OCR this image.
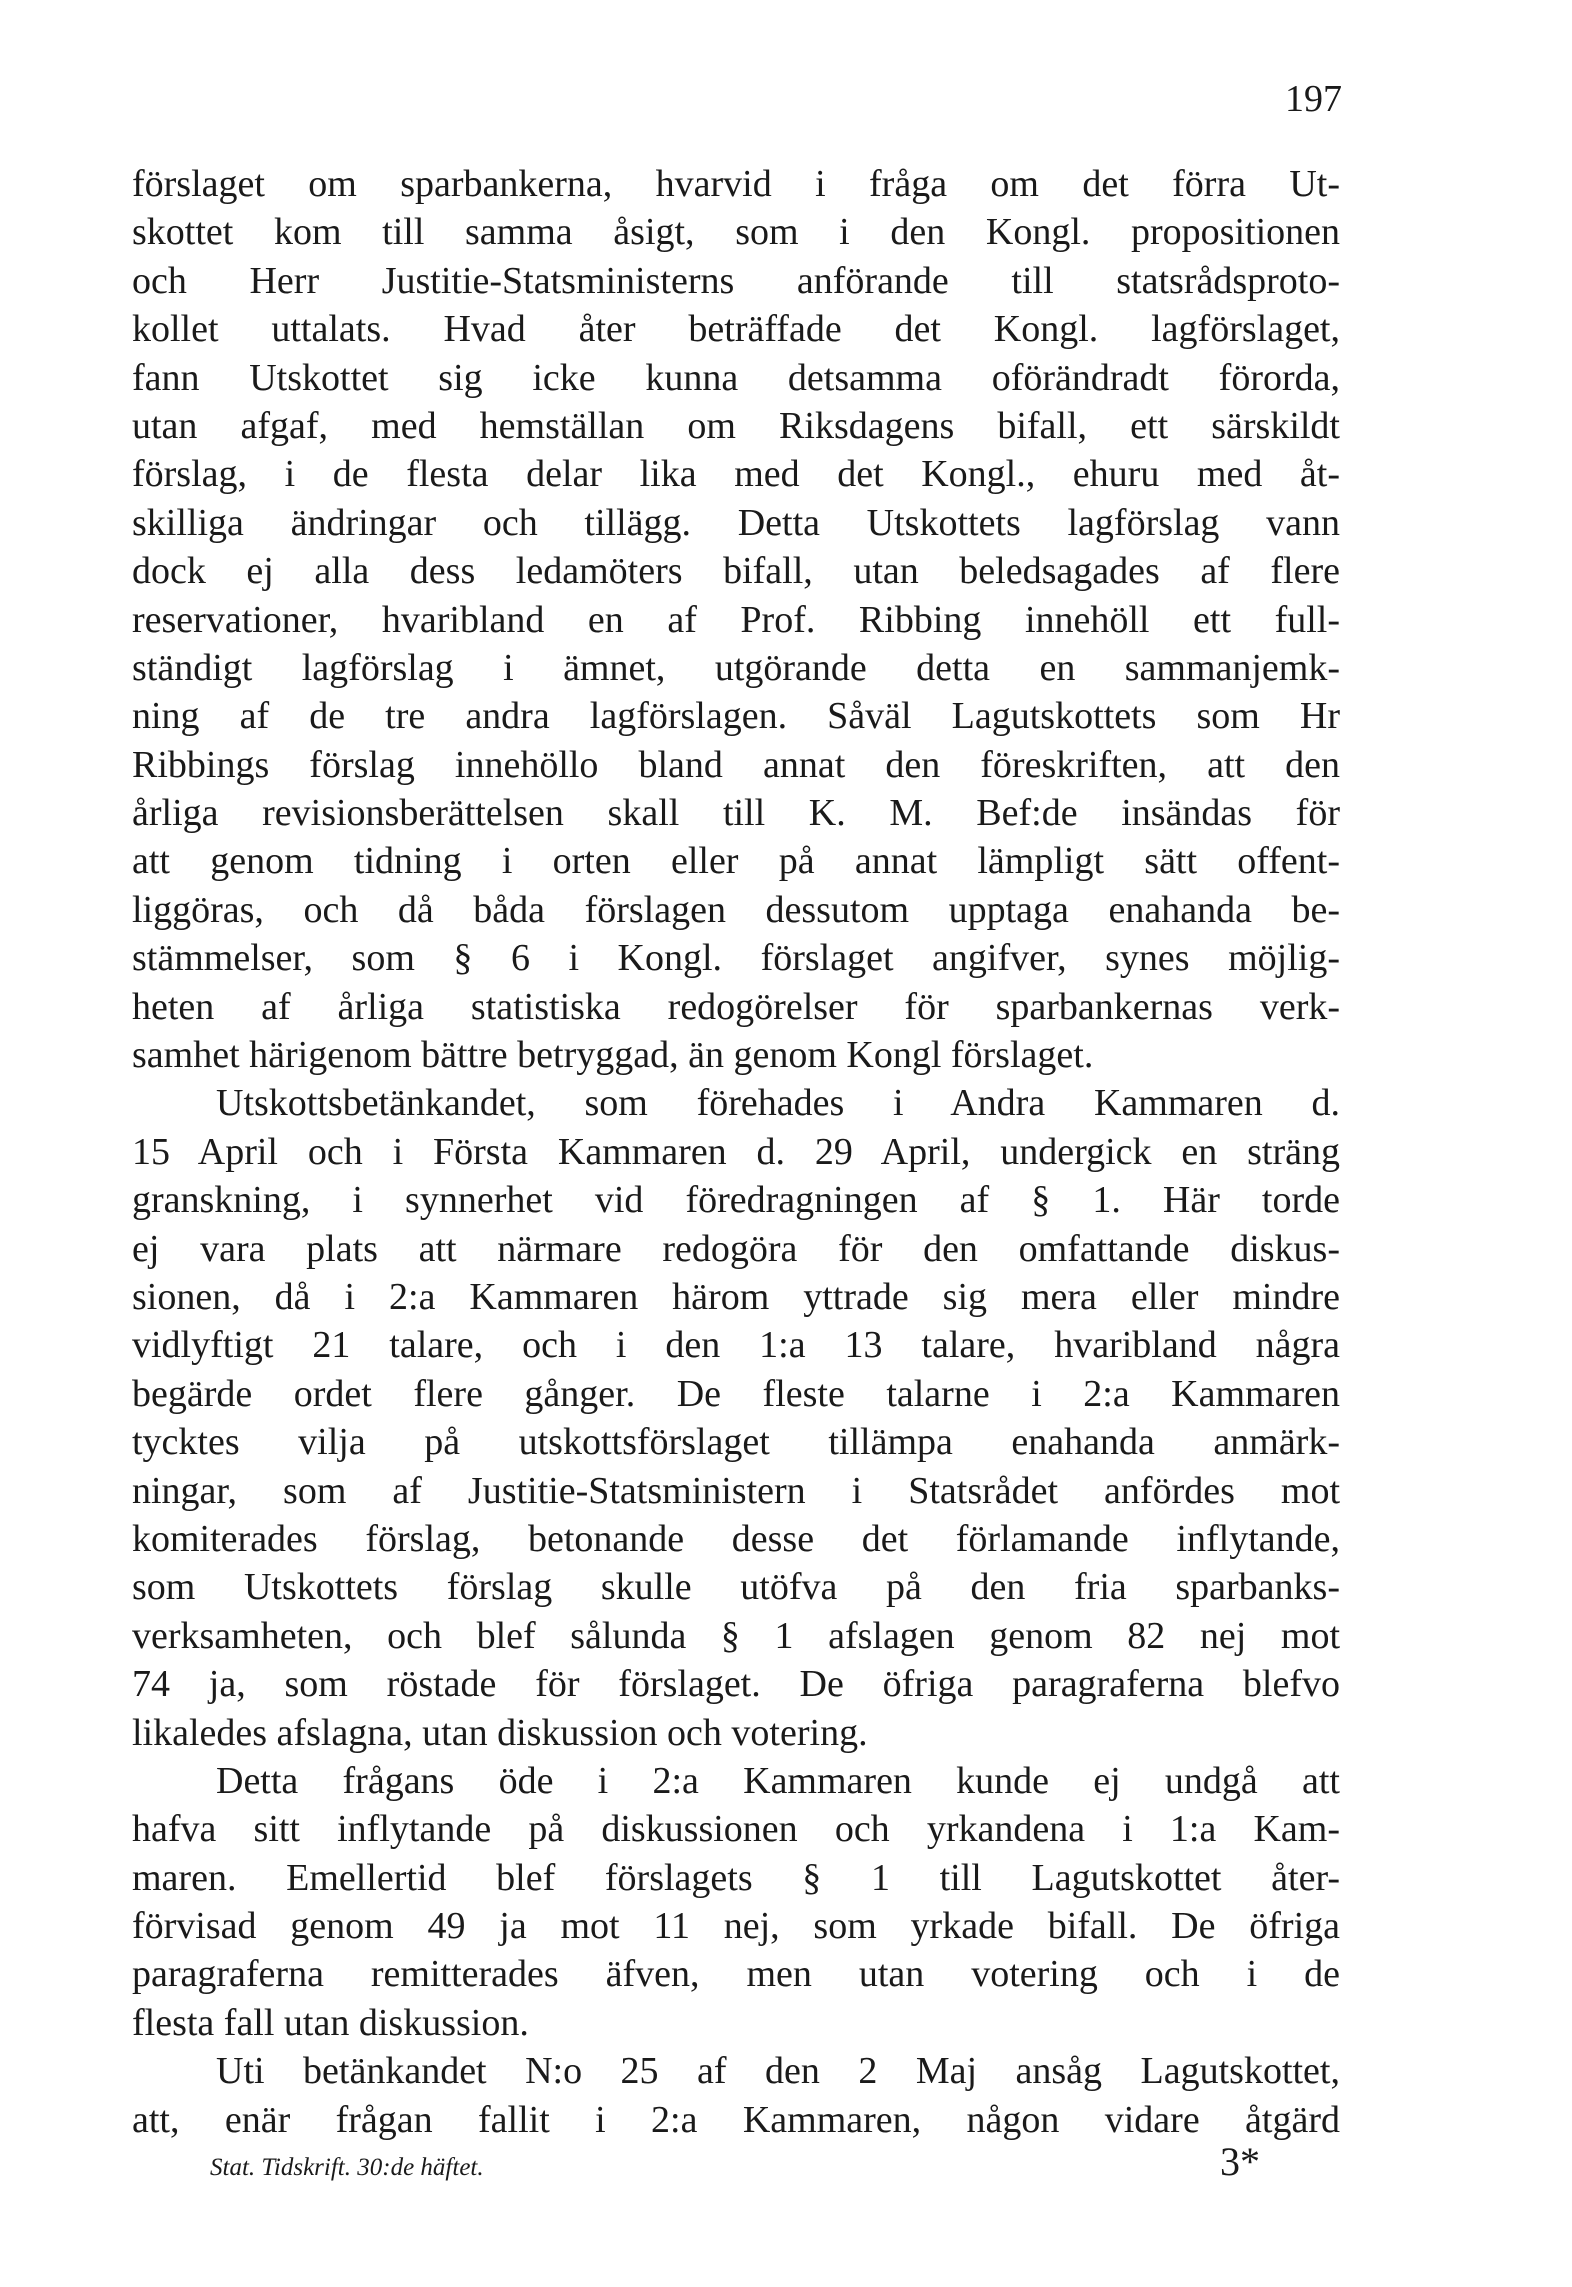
197
förslaget om sparbankerna, hvarvid i fråga om det förra Ut-
skottet kom till samma åsigt, som i den Kongl. propositionen
och Herr Justitie-Statsministerns anförande till statsrådsproto-
kollet uttalats. Hvad åter beträffade det Kongl. lagförslaget,
fann Utskottet sig icke kunna detsamma oförändradt förorda,
utan afgaf, med hemställan om Riksdagens bifall, ett särskildt
förslag, i de flesta delar lika med det Kongl., ehuru med åt-
skilliga ändringar och tillägg. Detta Utskottets lagförslag vann
dock ej alla dess ledamöters bifall, utan beledsagades af flere
reservationer, hvaribland en af Prof. Ribbing innehöll ett full-
ständigt lagförslag i ämnet, utgörande detta en sammanjemk-
ning af de tre andra lagförslagen. Såväl Lagutskottets som Hr
Ribbings förslag innehöllo bland annat den föreskriften, att den
årliga revisionsberättelsen skall till K. M. Bef:de insändas för
att genom tidning i orten eller på annat lämpligt sätt offent-
liggöras, och då båda förslagen dessutom upptaga enahanda be-
stämmelser, som § 6 i Kongl. förslaget angifver, synes möjlig-
heten af årliga statistiska redogörelser för sparbankernas verk-
samhet härigenom bättre betryggad, än genom Kongl förslaget.
Utskottsbetänkandet, som förehades i Andra Kammaren d.
15 April och i Första Kammaren d. 29 April, undergick en sträng
granskning, i synnerhet vid föredragningen af § 1. Här torde
ej vara plats att närmare redogöra för den omfattande diskus-
sionen, då i 2:a Kammaren härom yttrade sig mera eller mindre
vidlyftigt 21 talare, och i den 1:a 13 talare, hvaribland några
begärde ordet flere gånger. De fleste talarne i 2:a Kammaren
tycktes vilja på utskottsförslaget tillämpa enahanda anmärk-
ningar, som af Justitie-Statsministern i Statsrådet anfördes mot
komiterades förslag, betonande desse det förlamande inflytande,
som Utskottets förslag skulle utöfva på den fria sparbanks-
verksamheten, och blef sålunda § 1 afslagen genom 82 nej mot
74 ja, som röstade för förslaget. De öfriga paragraferna blefvo
likaledes afslagna, utan diskussion och votering.
Detta frågans öde i 2:a Kammaren kunde ej undgå att
hafva sitt inflytande på diskussionen och yrkandena i 1:a Kam-
maren. Emellertid blef förslagets § 1 till Lagutskottet åter-
förvisad genom 49 ja mot 11 nej, som yrkade bifall. De öfriga
paragraferna remitterades äfven, men utan votering och i de
flesta fall utan diskussion.
Uti betänkandet N:o 25 af den 2 Maj ansåg Lagutskottet,
att, enär frågan fallit i 2:a Kammaren, någon vidare åtgärd
Stat. Tidskrift. 30:de häftet.	3*
